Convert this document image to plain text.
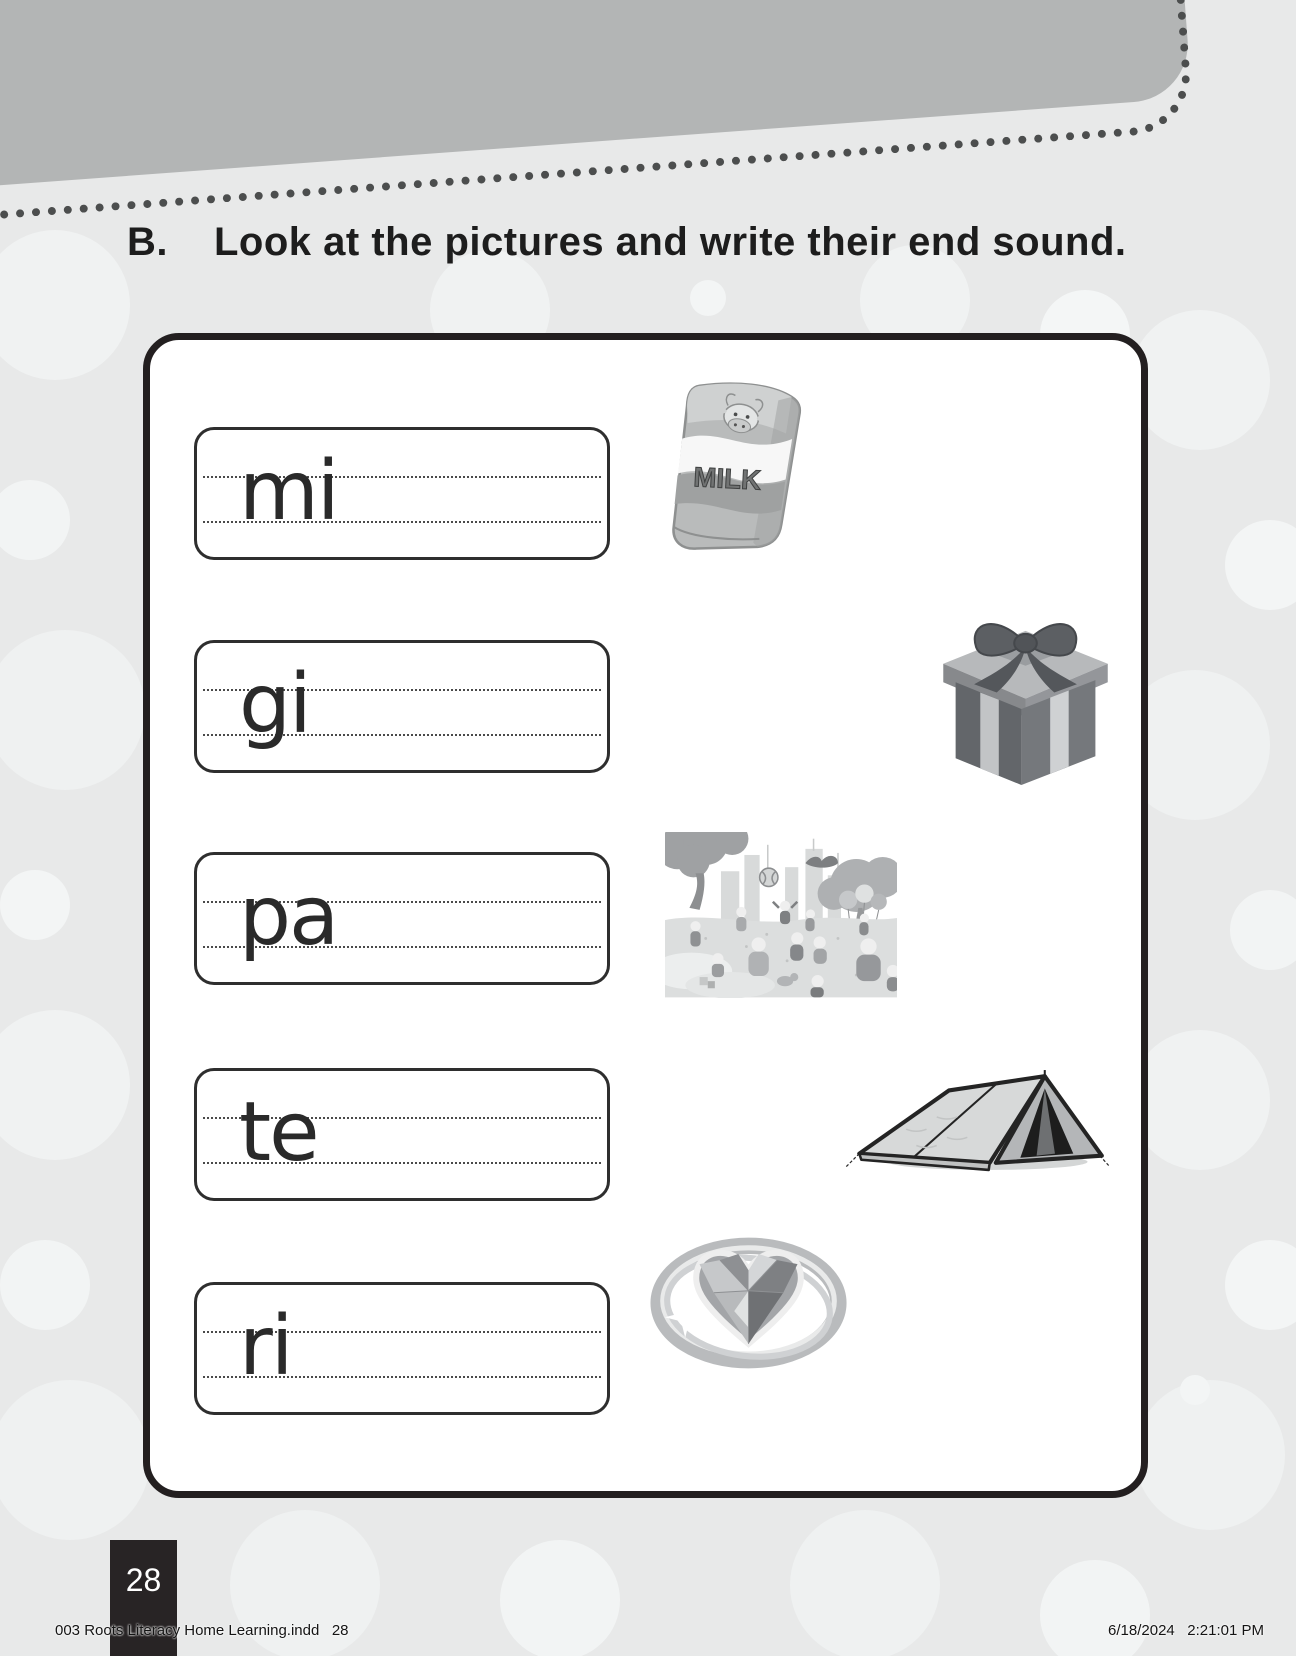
B. Look at the pictures and write their end sound.
mi	MILK
gi
pa
te
ri
28
003 Roots Literacy Home Learning.indd   28	6/18/2024   2:21:01 PM
